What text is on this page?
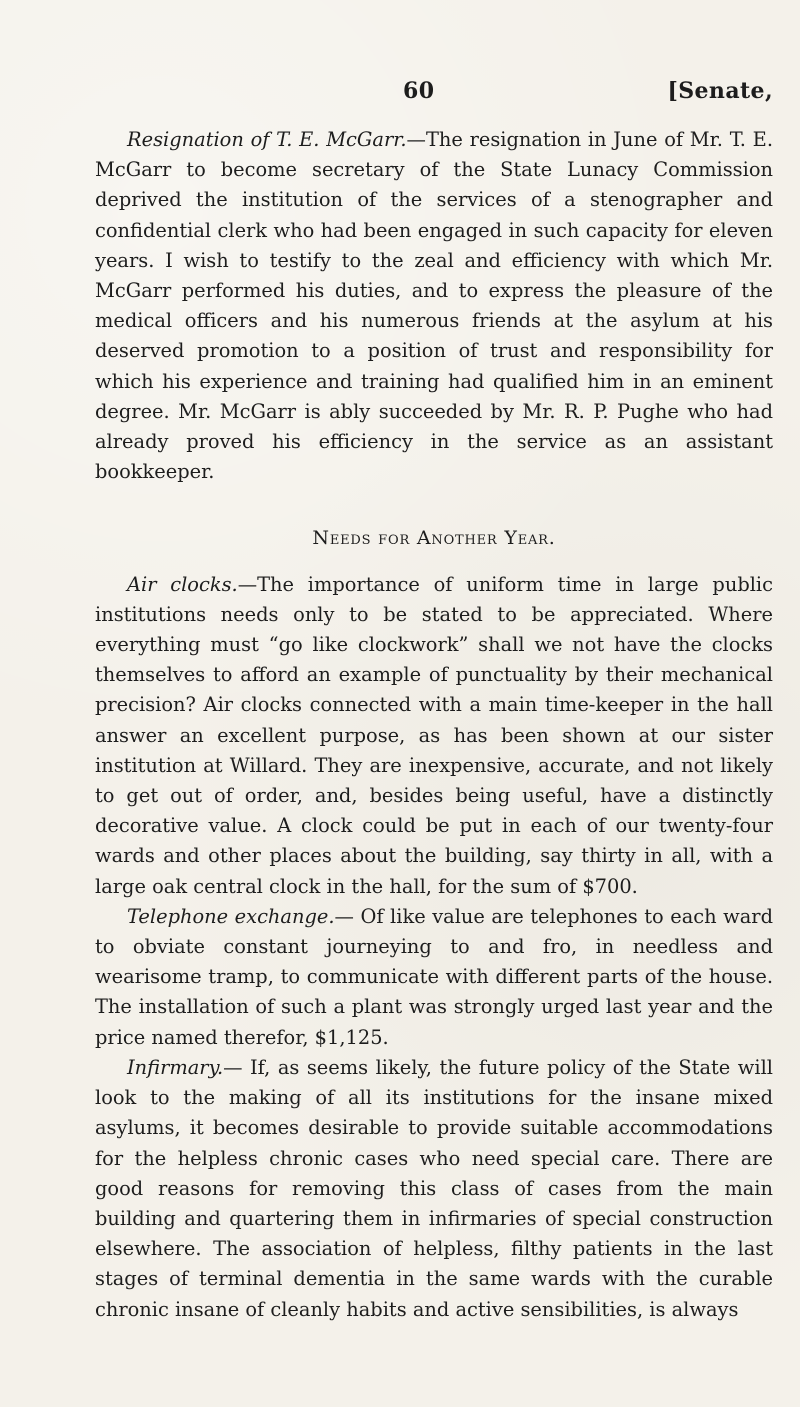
60	[Senate,

Resignation of T. E. McGarr.—The resignation in June of Mr. T. E. McGarr to become secretary of the State Lunacy Commission deprived the institution of the services of a stenographer and confidential clerk who had been engaged in such capacity for eleven years. I wish to testify to the zeal and efficiency with which Mr. McGarr performed his duties, and to express the pleasure of the medical officers and his numerous friends at the asylum at his deserved promotion to a position of trust and responsibility for which his experience and training had qualified him in an eminent degree. Mr. McGarr is ably succeeded by Mr. R. P. Pughe who had already proved his efficiency in the service as an assistant bookkeeper.

Needs for Another Year.

Air clocks.—The importance of uniform time in large public institutions needs only to be stated to be appreciated. Where everything must “go like clockwork” shall we not have the clocks themselves to afford an example of punctuality by their mechanical precision? Air clocks connected with a main time-keeper in the hall answer an excellent purpose, as has been shown at our sister institution at Willard. They are inexpensive, accurate, and not likely to get out of order, and, besides being useful, have a distinctly decorative value. A clock could be put in each of our twenty-four wards and other places about the building, say thirty in all, with a large oak central clock in the hall, for the sum of $700.

Telephone exchange.— Of like value are telephones to each ward to obviate constant journeying to and fro, in needless and wearisome tramp, to communicate with different parts of the house. The installation of such a plant was strongly urged last year and the price named therefor, $1,125.

Infirmary.— If, as seems likely, the future policy of the State will look to the making of all its institutions for the insane mixed asylums, it becomes desirable to provide suitable accommodations for the helpless chronic cases who need special care. There are good reasons for removing this class of cases from the main building and quartering them in infirmaries of special construction elsewhere. The association of helpless, filthy patients in the last stages of terminal dementia in the same wards with the curable chronic insane of cleanly habits and active sensibilities, is always
